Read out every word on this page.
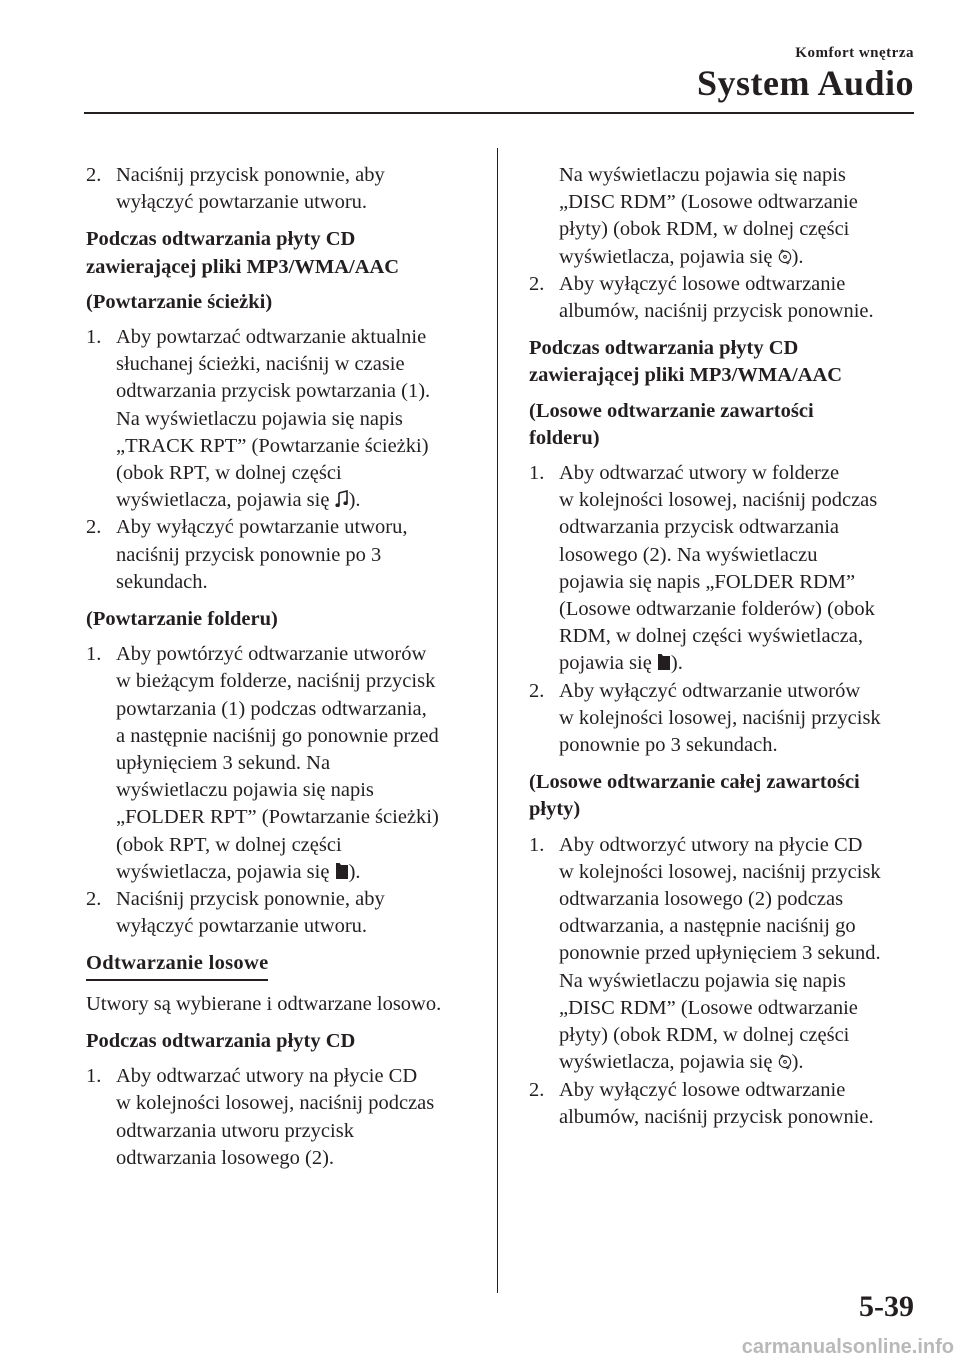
Komfort wnętrza
System Audio
2. Naciśnij przycisk ponownie, aby
wyłączyć powtarzanie utworu.
Podczas odtwarzania płyty CD
zawierającej pliki MP3/WMA/AAC
(Powtarzanie ścieżki)
1. Aby powtarzać odtwarzanie aktualnie
słuchanej ścieżki, naciśnij w czasie
odtwarzania przycisk powtarzania (1).
Na wyświetlaczu pojawia się napis
„TRACK RPT” (Powtarzanie ścieżki)
(obok RPT, w dolnej części
wyświetlacza, pojawia się ).
2. Aby wyłączyć powtarzanie utworu,
naciśnij przycisk ponownie po 3
sekundach.
(Powtarzanie folderu)
1. Aby powtórzyć odtwarzanie utworów
w bieżącym folderze, naciśnij przycisk
powtarzania (1) podczas odtwarzania,
a następnie naciśnij go ponownie przed
upłynięciem 3 sekund. Na
wyświetlaczu pojawia się napis
„FOLDER RPT” (Powtarzanie ścieżki)
(obok RPT, w dolnej części
wyświetlacza, pojawia się ).
2. Naciśnij przycisk ponownie, aby
wyłączyć powtarzanie utworu.
Odtwarzanie losowe
Utwory są wybierane i odtwarzane losowo.
Podczas odtwarzania płyty CD
1. Aby odtwarzać utwory na płycie CD
w kolejności losowej, naciśnij podczas
odtwarzania utworu przycisk
odtwarzania losowego (2).
Na wyświetlaczu pojawia się napis
„DISC RDM” (Losowe odtwarzanie
płyty) (obok RDM, w dolnej części
wyświetlacza, pojawia się ).
2. Aby wyłączyć losowe odtwarzanie
albumów, naciśnij przycisk ponownie.
Podczas odtwarzania płyty CD
zawierającej pliki MP3/WMA/AAC
(Losowe odtwarzanie zawartości
folderu)
1. Aby odtwarzać utwory w folderze
w kolejności losowej, naciśnij podczas
odtwarzania przycisk odtwarzania
losowego (2). Na wyświetlaczu
pojawia się napis „FOLDER RDM”
(Losowe odtwarzanie folderów) (obok
RDM, w dolnej części wyświetlacza,
pojawia się ).
2. Aby wyłączyć odtwarzanie utworów
w kolejności losowej, naciśnij przycisk
ponownie po 3 sekundach.
(Losowe odtwarzanie całej zawartości
płyty)
1. Aby odtworzyć utwory na płycie CD
w kolejności losowej, naciśnij przycisk
odtwarzania losowego (2) podczas
odtwarzania, a następnie naciśnij go
ponownie przed upłynięciem 3 sekund.
Na wyświetlaczu pojawia się napis
„DISC RDM” (Losowe odtwarzanie
płyty) (obok RDM, w dolnej części
wyświetlacza, pojawia się ).
2. Aby wyłączyć losowe odtwarzanie
albumów, naciśnij przycisk ponownie.
5-39
carmanualsonline.info
